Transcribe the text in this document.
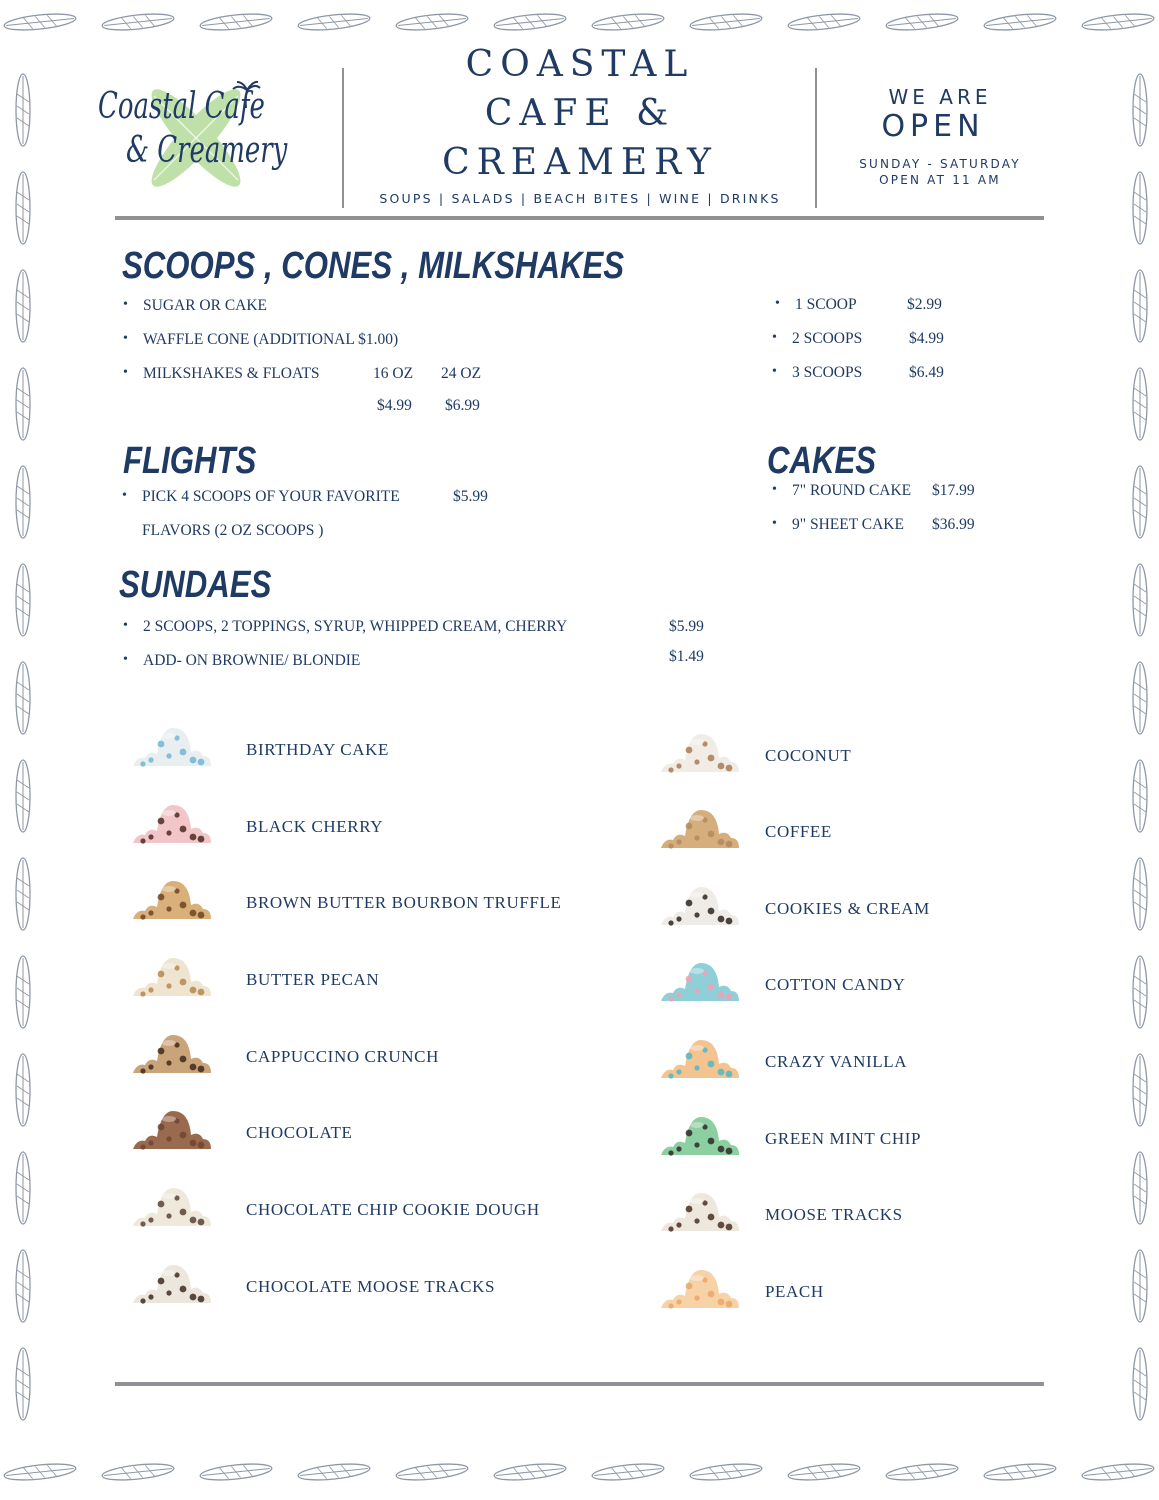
Coastal Cafe
& Creamery
COASTAL
CAFE &
CREAMERY
SOUPS | SALADS | BEACH BITES | WINE | DRINKS
WE ARE
OPEN
SUNDAY - SATURDAY
OPEN AT 11 AM
SCOOPS , CONES , MILKSHAKES
• SUGAR OR CAKE
• WAFFLE CONE (ADDITIONAL $1.00)
• MILKSHAKES & FLOATS	16 OZ 24 OZ
$4.99 $6.99
• 1 SCOOP	$2.99
• 2 SCOOPS	$4.99
• 3 SCOOPS	$6.49
FLIGHTS
• PICK 4 SCOOPS OF YOUR FAVORITE	$5.99
FLAVORS (2 OZ SCOOPS )
CAKES
• 7" ROUND CAKE $17.99
• 9" SHEET CAKE $36.99
SUNDAES
• 2 SCOOPS, 2 TOPPINGS, SYRUP, WHIPPED CREAM, CHERRY	$5.99
• ADD- ON BROWNIE/ BLONDIE	$1.49
BIRTHDAY CAKE
BLACK CHERRY
BROWN BUTTER BOURBON TRUFFLE
BUTTER PECAN
CAPPUCCINO CRUNCH
CHOCOLATE
CHOCOLATE CHIP COOKIE DOUGH
CHOCOLATE MOOSE TRACKS
COCONUT
COFFEE
COOKIES & CREAM
COTTON CANDY
CRAZY VANILLA
GREEN MINT CHIP
MOOSE TRACKS
PEACH
